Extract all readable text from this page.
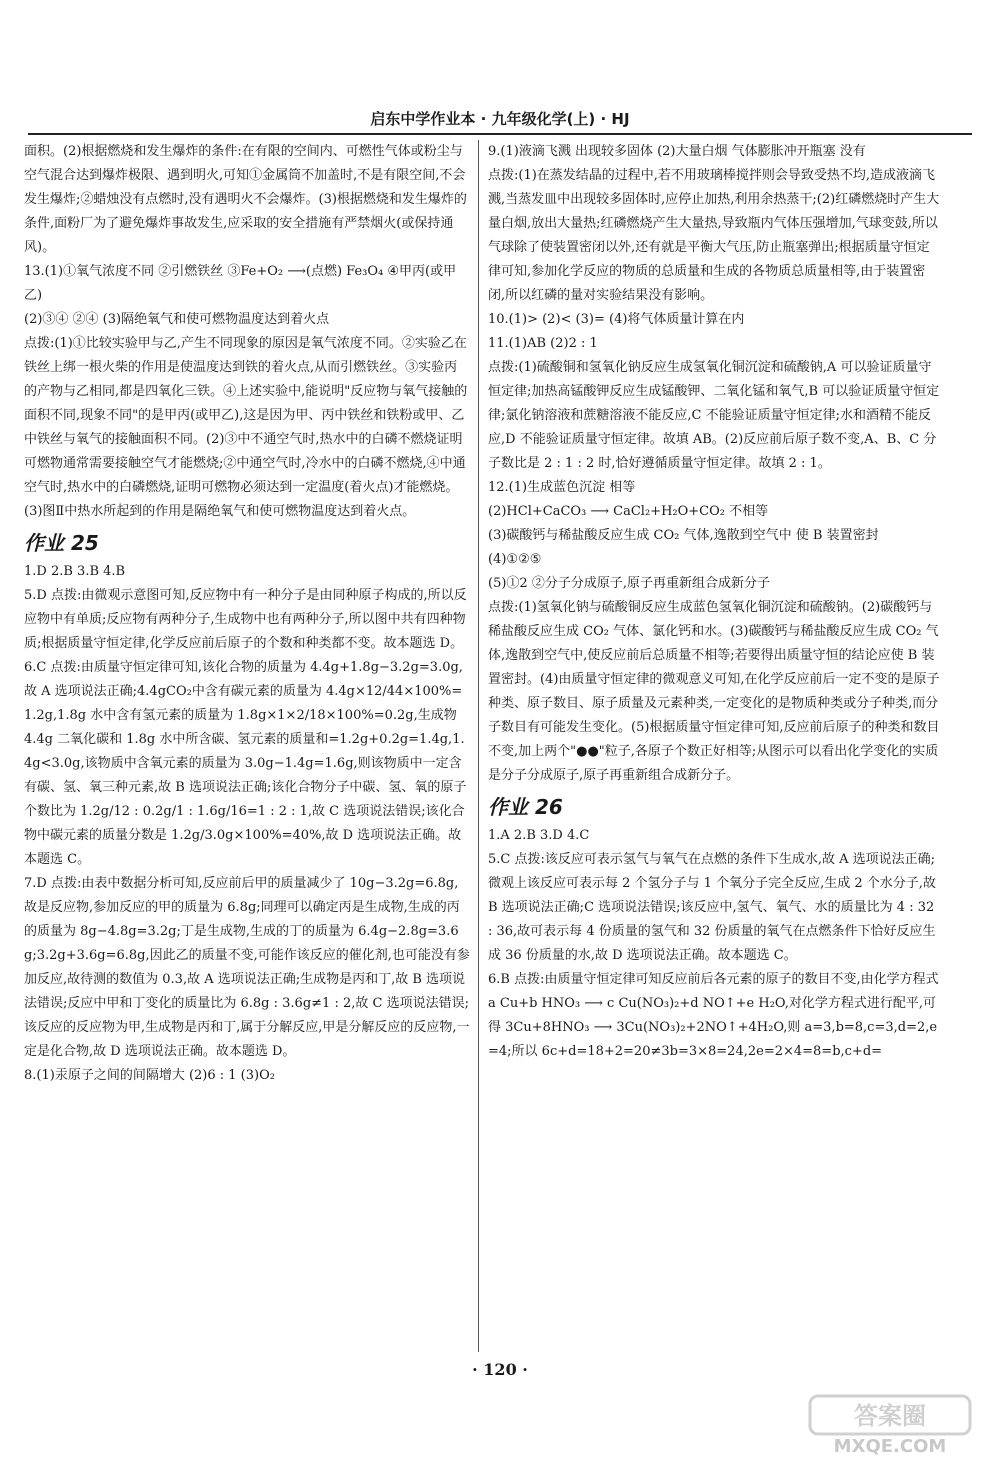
启东中学作业本 · 九年级化学(上) · HJ
面积。(2)根据燃烧和发生爆炸的条件:在有限的空间内、可燃性气体或粉尘与空气混合达到爆炸极限、遇到明火,可知①金属筒不加盖时,不是有限空间,不会发生爆炸;②蜡烛没有点燃时,没有遇明火不会爆炸。(3)根据燃烧和发生爆炸的条件,面粉厂为了避免爆炸事故发生,应采取的安全措施有严禁烟火(或保持通风)。
13.(1)①氧气浓度不同 ②引燃铁丝 ③Fe+O₂ ⟶(点燃) Fe₃O₄ ④甲丙(或甲乙)
(2)③④ ②④ (3)隔绝氧气和使可燃物温度达到着火点
点拨:(1)①比较实验甲与乙,产生不同现象的原因是氧气浓度不同。②实验乙在铁丝上绑一根火柴的作用是使温度达到铁的着火点,从而引燃铁丝。③实验丙的产物与乙相同,都是四氧化三铁。④上述实验中,能说明"反应物与氧气接触的面积不同,现象不同"的是甲丙(或甲乙),这是因为甲、丙中铁丝和铁粉或甲、乙中铁丝与氧气的接触面积不同。(2)③中不通空气时,热水中的白磷不燃烧证明可燃物通常需要接触空气才能燃烧;②中通空气时,冷水中的白磷不燃烧,④中通空气时,热水中的白磷燃烧,证明可燃物必须达到一定温度(着火点)才能燃烧。(3)图Ⅱ中热水所起到的作用是隔绝氧气和使可燃物温度达到着火点。
作业 25
1.D 2.B 3.B 4.B
5.D 点拨:由微观示意图可知,反应物中有一种分子是由同种原子构成的,所以反应物中有单质;反应物有两种分子,生成物中也有两种分子,所以图中共有四种物质;根据质量守恒定律,化学反应前后原子的个数和种类都不变。故本题选 D。
6.C 点拨:由质量守恒定律可知,该化合物的质量为 4.4g+1.8g−3.2g=3.0g,故 A 选项说法正确;4.4gCO₂中含有碳元素的质量为 4.4g×12/44×100%=1.2g,1.8g 水中含有氢元素的质量为 1.8g×1×2/18×100%=0.2g,生成物 4.4g 二氧化碳和 1.8g 水中所含碳、氢元素的质量和=1.2g+0.2g=1.4g,1.4g<3.0g,该物质中含氧元素的质量为 3.0g−1.4g=1.6g,则该物质中一定含有碳、氢、氧三种元素,故 B 选项说法正确;该化合物分子中碳、氢、氧的原子个数比为 1.2g/12 : 0.2g/1 : 1.6g/16=1 : 2 : 1,故 C 选项说法错误;该化合物中碳元素的质量分数是 1.2g/3.0g×100%=40%,故 D 选项说法正确。故本题选 C。
7.D 点拨:由表中数据分析可知,反应前后甲的质量减少了 10g−3.2g=6.8g,故是反应物,参加反应的甲的质量为 6.8g;同理可以确定丙是生成物,生成的丙的质量为 8g−4.8g=3.2g;丁是生成物,生成的丁的质量为 6.4g−2.8g=3.6g;3.2g+3.6g=6.8g,因此乙的质量不变,可能作该反应的催化剂,也可能没有参加反应,故待测的数值为 0.3,故 A 选项说法正确;生成物是丙和丁,故 B 选项说法错误;反应中甲和丁变化的质量比为 6.8g : 3.6g≠1 : 2,故 C 选项说法错误;该反应的反应物为甲,生成物是丙和丁,属于分解反应,甲是分解反应的反应物,一定是化合物,故 D 选项说法正确。故本题选 D。
8.(1)汞原子之间的间隔增大 (2)6 : 1 (3)O₂
9.(1)液滴飞溅 出现较多固体 (2)大量白烟 气体膨胀冲开瓶塞 没有
点拨:(1)在蒸发结晶的过程中,若不用玻璃棒搅拌则会导致受热不均,造成液滴飞溅,当蒸发皿中出现较多固体时,应停止加热,利用余热蒸干;(2)红磷燃烧时产生大量白烟,放出大量热;红磷燃烧产生大量热,导致瓶内气体压强增加,气球变鼓,所以气球除了使装置密闭以外,还有就是平衡大气压,防止瓶塞弹出;根据质量守恒定律可知,参加化学反应的物质的总质量和生成的各物质总质量相等,由于装置密闭,所以红磷的量对实验结果没有影响。
10.(1)> (2)< (3)= (4)将气体质量计算在内
11.(1)AB (2)2 : 1
点拨:(1)硫酸铜和氢氧化钠反应生成氢氧化铜沉淀和硫酸钠,A 可以验证质量守恒定律;加热高锰酸钾反应生成锰酸钾、二氧化锰和氧气,B 可以验证质量守恒定律;氯化钠溶液和蔗糖溶液不能反应,C 不能验证质量守恒定律;水和酒精不能反应,D 不能验证质量守恒定律。故填 AB。(2)反应前后原子数不变,A、B、C 分子数比是 2 : 1 : 2 时,恰好遵循质量守恒定律。故填 2 : 1。
12.(1)生成蓝色沉淀 相等
(2)HCl+CaCO₃ ⟶ CaCl₂+H₂O+CO₂ 不相等
(3)碳酸钙与稀盐酸反应生成 CO₂ 气体,逸散到空气中 使 B 装置密封
(4)①②⑤
(5)①2 ②分子分成原子,原子再重新组合成新分子
点拨:(1)氢氧化钠与硫酸铜反应生成蓝色氢氧化铜沉淀和硫酸钠。(2)碳酸钙与稀盐酸反应生成 CO₂ 气体、氯化钙和水。(3)碳酸钙与稀盐酸反应生成 CO₂ 气体,逸散到空气中,使反应前后总质量不相等;若要得出质量守恒的结论应使 B 装置密封。(4)由质量守恒定律的微观意义可知,在化学反应前后一定不变的是原子种类、原子数目、原子质量及元素种类,一定变化的是物质种类或分子种类,而分子数目有可能发生变化。(5)根据质量守恒定律可知,反应前后原子的种类和数目不变,加上两个"●●"粒子,各原子个数正好相等;从图示可以看出化学变化的实质是分子分成原子,原子再重新组合成新分子。
作业 26
1.A 2.B 3.D 4.C
5.C 点拨:该反应可表示氢气与氧气在点燃的条件下生成水,故 A 选项说法正确;微观上该反应可表示每 2 个氢分子与 1 个氧分子完全反应,生成 2 个水分子,故 B 选项说法正确;C 选项说法错误;该反应中,氢气、氧气、水的质量比为 4 : 32 : 36,故可表示每 4 份质量的氢气和 32 份质量的氧气在点燃条件下恰好反应生成 36 份质量的水,故 D 选项说法正确。故本题选 C。
6.B 点拨:由质量守恒定律可知反应前后各元素的原子的数目不变,由化学方程式 a Cu+b HNO₃ ⟶ c Cu(NO₃)₂+d NO↑+e H₂O,对化学方程式进行配平,可得 3Cu+8HNO₃ ⟶ 3Cu(NO₃)₂+2NO↑+4H₂O,则 a=3,b=8,c=3,d=2,e=4;所以 6c+d=18+2=20≠3b=3×8=24,2e=2×4=8=b,c+d=
· 120 ·
答案圈
MXQE.COM
